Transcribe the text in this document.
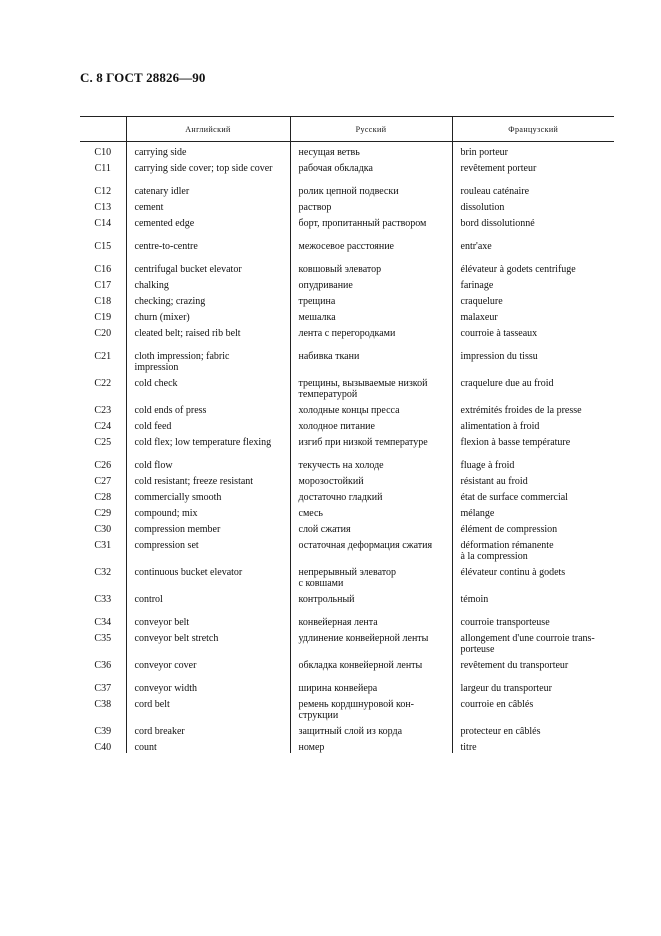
С. 8 ГОСТ 28826—90
	Английский	Русский	Французский

C10	carrying side	несущая ветвь	brin porteur

C11	carrying side cover; top side cover	рабочая обкладка	revêtement porteur

C12	catenary idler	ролик цепной подвески	rouleau caténaire

C13	cement	раствор	dissolution

C14	cemented edge	борт, пропитанный раствором	bord dissolutionné

C15	centre-to-centre	межосевое расстояние	entr'axe

C16	centrifugal bucket elevator	ковшовый элеватор	élévateur à godets centrifuge

C17	chalking	опудривание	farinage

C18	checking; crazing	трещина	craquelure

C19	churn (mixer)	мешалка	malaxeur

C20	cleated belt; raised rib belt	лента с перегородками	courroie à tasseaux

C21	cloth impression; fabric
impression	набивка ткани	impression du tissu

C22	cold check	трещины, вызываемые низкой
температурой	craquelure due au froid

C23	cold ends of press	холодные концы пресса	extrémités froides de la presse

C24	cold feed	холодное питание	alimentation à froid

C25	cold flex; low temperature flexing	изгиб при низкой температуре	flexion à basse température

C26	cold flow	текучесть на холоде	fluage à froid

C27	cold resistant; freeze resistant	морозостойкий	résistant au froid

C28	commercially smooth	достаточно гладкий	état de surface commercial

C29	compound; mix	смесь	mélange

C30	compression member	слой сжатия	élément de compression

C31	compression set	остаточная деформация сжатия	déformation rémanente
à la compression

C32	continuous bucket elevator	непрерывный элеватор
с ковшами	élévateur continu à godets

C33	control	контрольный	témoin

C34	conveyor belt	конвейерная лента	courroie transporteuse

C35	conveyor belt stretch	удлинение конвейерной ленты	allongement d'une courroie trans-
porteuse

C36	conveyor cover	обкладка конвейерной ленты	revêtement du transporteur

C37	conveyor width	ширина конвейера	largeur du transporteur

C38	cord belt	ремень кордшнуровой кон-
струкции	courroie en câblés

C39	cord breaker	защитный слой из корда	protecteur en câblés

C40	count	номер	titre
